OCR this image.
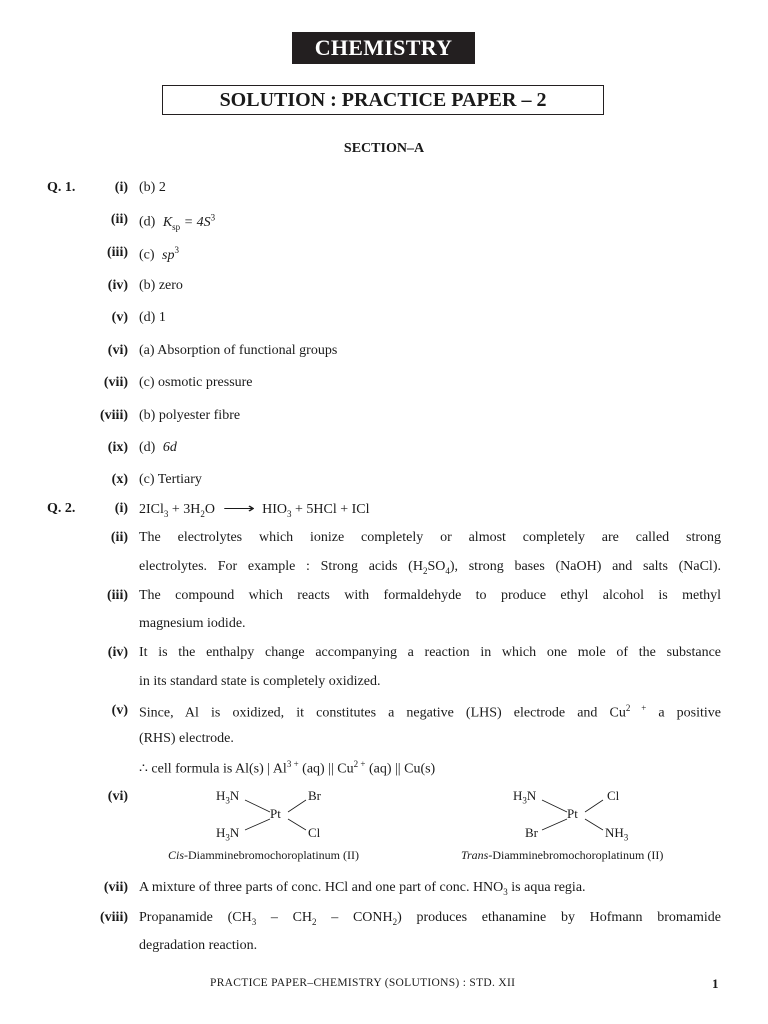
CHEMISTRY
SOLUTION : PRACTICE PAPER – 2
SECTION–A
Q. 1.	(i) (b) 2
(ii) (d) $K_{sp} = 4S^3$
(iii) (c) $sp^3$
(iv) (b) zero
(v) (d) 1
(vi) (a) Absorption of functional groups
(vii) (c) osmotic pressure
(viii) (b) polyester fibre
(ix) (d) 6d
(x) (c) Tertiary
Q. 2.	(i) $2ICl_3 + 3H_2O$ ⟶ $HIO_3 + 5HCl$ + ICl
(ii) The electrolytes which ionize completely or almost completely are called strong
electrolytes. For example : Strong acids $(H_2SO_4)$, strong bases (NaOH) and salts (NaCl).
(iii) The compound which reacts with formaldehyde to produce ethyl alcohol is methyl
magnesium iodide.
(iv) It is the enthalpy change accompanying a reaction in which one mole of the substance
in its standard state is completely oxidized.
(v) Since, Al is oxidized, it constitutes a negative (LHS) electrode and $Cu^{2 +}$ a positive
(RHS) electrode.
∴ cell formula is Al(s) | $Al^{3 +}$ (aq) || $Cu^{2 +}$ (aq) || Cu(s)
(vi)	$H_3N$	Br
Pt
$H_3N$	Cl
Cis-Diamminebromochoroplatinum (II)
$H_3N$	Cl
Pt
Br	$NH_3$
Trans-Diamminebromochoroplatinum (II)
(vii) A mixture of three parts of conc. HCl and one part of conc. $HNO_3$ is aqua regia.
(viii) Propanamide ($CH_3 - CH_2$ – $CONH_2$) produces ethanamine by Hofmann bromamide
degradation reaction.
PRACTICE PAPER–CHEMISTRY (SOLUTIONS) : STD. XII	1
